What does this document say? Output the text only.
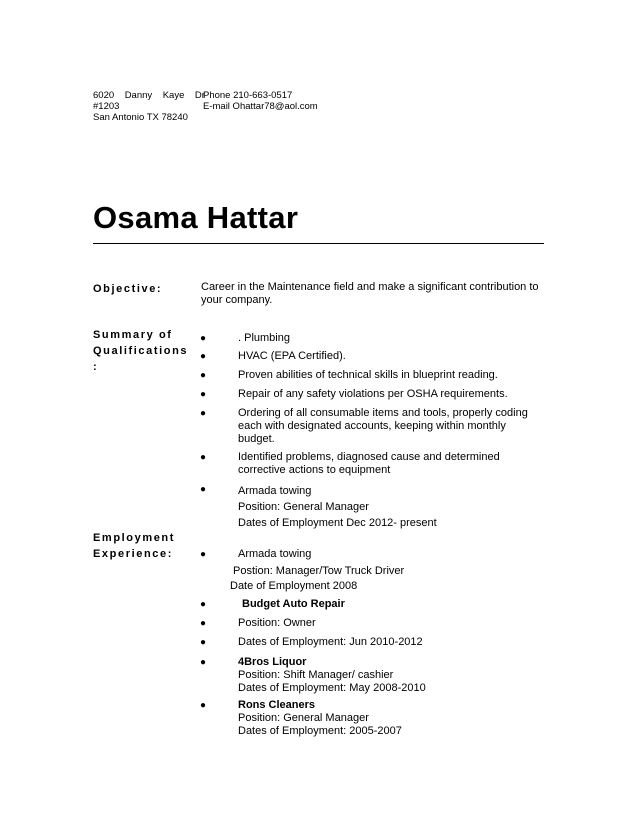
6020    Danny    Kaye    Dr
#1203
San Antonio TX 78240
Phone 210-663-0517
E-mail Ohattar78@aol.com
Osama Hattar
Objective:	Career in the Maintenance field and make a significant contribution to
your company.
Summary of
Qualifications
:
●	. Plumbing
●	HVAC (EPA Certified).
●	Proven abilities of technical skills in blueprint reading.
●	Repair of any safety violations per OSHA requirements.
●	Ordering of all consumable items and tools, properly coding
each with designated accounts, keeping within monthly
budget.
●	Identified problems, diagnosed cause and determined
corrective actions to equipment
●	Armada towing
Position: General Manager
Dates of Employment Dec 2012- present
Employment
Experience:	●	Armada towing
Postion: Manager/Tow Truck Driver
Date of Employment 2008
●	Budget Auto Repair
●	Position: Owner
●	Dates of Employment: Jun 2010-2012
●	4Bros Liquor
Position: Shift Manager/ cashier
Dates of Employment: May 2008-2010
●	Rons Cleaners
Position: General Manager
Dates of Employment: 2005-2007
